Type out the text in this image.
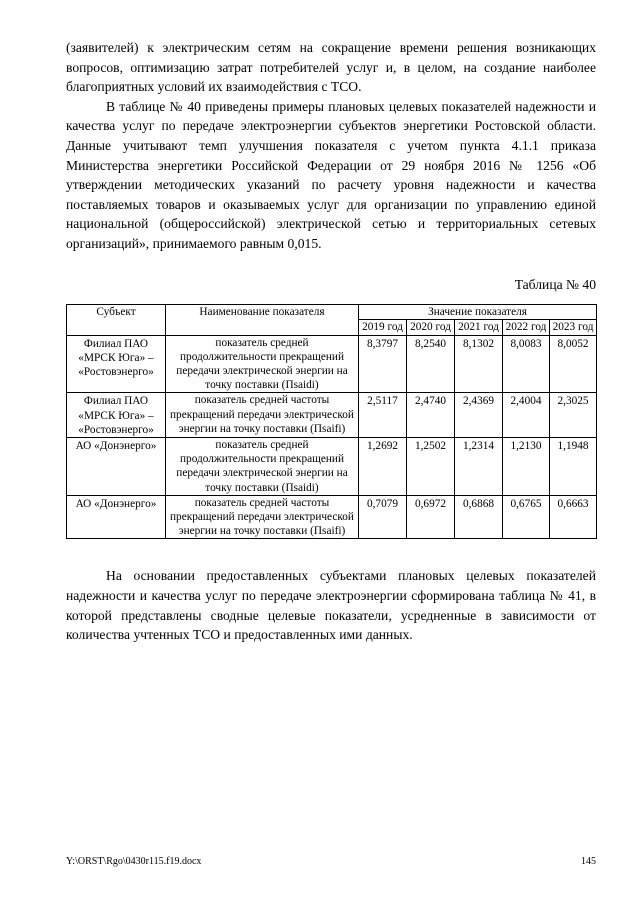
(заявителей) к электрическим сетям на сокращение времени решения возникающих вопросов, оптимизацию затрат потребителей услуг и, в целом, на создание наиболее благоприятных условий их взаимодействия с ТСО.

В таблице № 40 приведены примеры плановых целевых показателей надежности и качества услуг по передаче электроэнергии субъектов энергетики Ростовской области. Данные учитывают темп улучшения показателя с учетом пункта 4.1.1 приказа Министерства энергетики Российской Федерации от 29 ноября 2016 № 1256 «Об утверждении методических указаний по расчету уровня надежности и качества поставляемых товаров и оказываемых услуг для организации по управлению единой национальной (общероссийской) электрической сетью и территориальных сетевых организаций», принимаемого равным 0,015.

Таблица № 40
Субъект	Наименование показателя	Значение показателя				
		2019 год	2020 год	2021 год	2022 год	2023 год
Филиал ПАО «МРСК Юга» – «Ростовэнерго»	показатель средней продолжительности прекращений передачи электрической энергии на точку поставки (Пsaidi)	8,3797	8,2540	8,1302	8,0083	8,0052
Филиал ПАО «МРСК Юга» – «Ростовэнерго»	показатель средней частоты прекращений передачи электрической энергии на точку поставки (Пsaifi)	2,5117	2,4740	2,4369	2,4004	2,3025
АО «Донэнерго»	показатель средней продолжительности прекращений передачи электрической энергии на точку поставки (Пsaidi)	1,2692	1,2502	1,2314	1,2130	1,1948
АО «Донэнерго»	показатель средней частоты прекращений передачи электрической энергии на точку поставки (Пsaifi)	0,7079	0,6972	0,6868	0,6765	0,6663

На основании предоставленных субъектами плановых целевых показателей надежности и качества услуг по передаче электроэнергии сформирована таблица № 41, в которой представлены сводные целевые показатели, усредненные в зависимости от количества учтенных ТСО и предоставленных ими данных.

Y:\ORST\Rgo\0430r115.f19.docx	145
